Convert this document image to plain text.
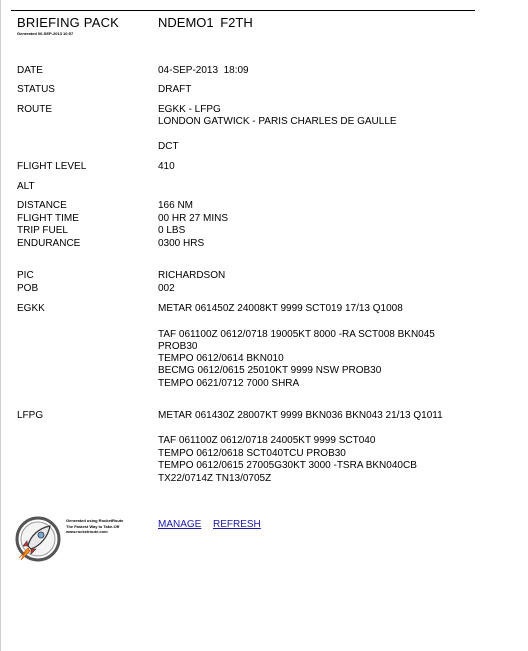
BRIEFING PACK
Generated 06-SEP-2013 10:57
NDEMO1 F2TH
DATE	04-SEP-2013  18:09
STATUS	DRAFT
ROUTE	EGKK - LFPG
LONDON GATWICK - PARIS CHARLES DE GAULLE
DCT
FLIGHT LEVEL	410
ALT
DISTANCE	166 NM
FLIGHT TIME	00 HR 27 MINS
TRIP FUEL	0 LBS
ENDURANCE	0300 HRS
PIC	RICHARDSON
POB	002
EGKK	METAR 061450Z 24008KT 9999 SCT019 17/13 Q1008
TAF 061100Z 0612/0718 19005KT 8000 -RA SCT008 BKN045
PROB30
TEMPO 0612/0614 BKN010
BECMG 0612/0615 25010KT 9999 NSW PROB30
TEMPO 0621/0712 7000 SHRA
LFPG	METAR 061430Z 28007KT 9999 BKN036 BKN043 21/13 Q1011
TAF 061100Z 0612/0718 24005KT 9999 SCT040
TEMPO 0612/0618 SCT040TCU PROB30
TEMPO 0612/0615 27005G30KT 3000 -TSRA BKN040CB
TX22/0714Z TN13/0705Z
Generated using RocketRoute
The Fastest Way to Take-Off
www.rocketroute.com
MANAGE REFRESH
